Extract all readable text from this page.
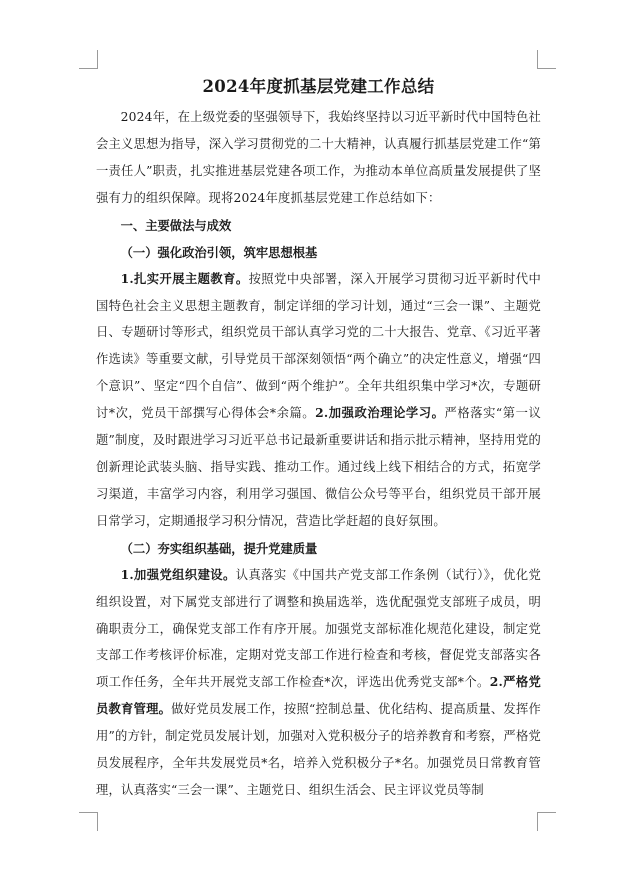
2024年度抓基层党建工作总结

2024年，在上级党委的坚强领导下，我始终坚持以习近平新时代中国特色社会主义思想为指导，深入学习贯彻党的二十大精神，认真履行抓基层党建工作“第一责任人”职责，扎实推进基层党建各项工作，为推动本单位高质量发展提供了坚强有力的组织保障。现将2024年度抓基层党建工作总结如下：

一、主要做法与成效

（一）强化政治引领，筑牢思想根基

1.扎实开展主题教育。按照党中央部署，深入开展学习贯彻习近平新时代中国特色社会主义思想主题教育，制定详细的学习计划，通过“三会一课”、主题党日、专题研讨等形式，组织党员干部认真学习党的二十大报告、党章、《习近平著作选读》等重要文献，引导党员干部深刻领悟“两个确立”的决定性意义，增强“四个意识”、坚定“四个自信”、做到“两个维护”。全年共组织集中学习*次，专题研讨*次，党员干部撰写心得体会*余篇。2.加强政治理论学习。严格落实“第一议题”制度，及时跟进学习习近平总书记最新重要讲话和指示批示精神，坚持用党的创新理论武装头脑、指导实践、推动工作。通过线上线下相结合的方式，拓宽学习渠道，丰富学习内容，利用学习强国、微信公众号等平台，组织党员干部开展日常学习，定期通报学习积分情况，营造比学赶超的良好氛围。

（二）夯实组织基础，提升党建质量

1.加强党组织建设。认真落实《中国共产党支部工作条例（试行）》，优化党组织设置，对下属党支部进行了调整和换届选举，选优配强党支部班子成员，明确职责分工，确保党支部工作有序开展。加强党支部标准化规范化建设，制定党支部工作考核评价标准，定期对党支部工作进行检查和考核，督促党支部落实各项工作任务，全年共开展党支部工作检查*次，评选出优秀党支部*个。2.严格党员教育管理。做好党员发展工作，按照“控制总量、优化结构、提高质量、发挥作用”的方针，制定党员发展计划，加强对入党积极分子的培养教育和考察，严格党员发展程序，全年共发展党员*名，培养入党积极分子*名。加强党员日常教育管理，认真落实“三会一课”、主题党日、组织生活会、民主评议党员等制
